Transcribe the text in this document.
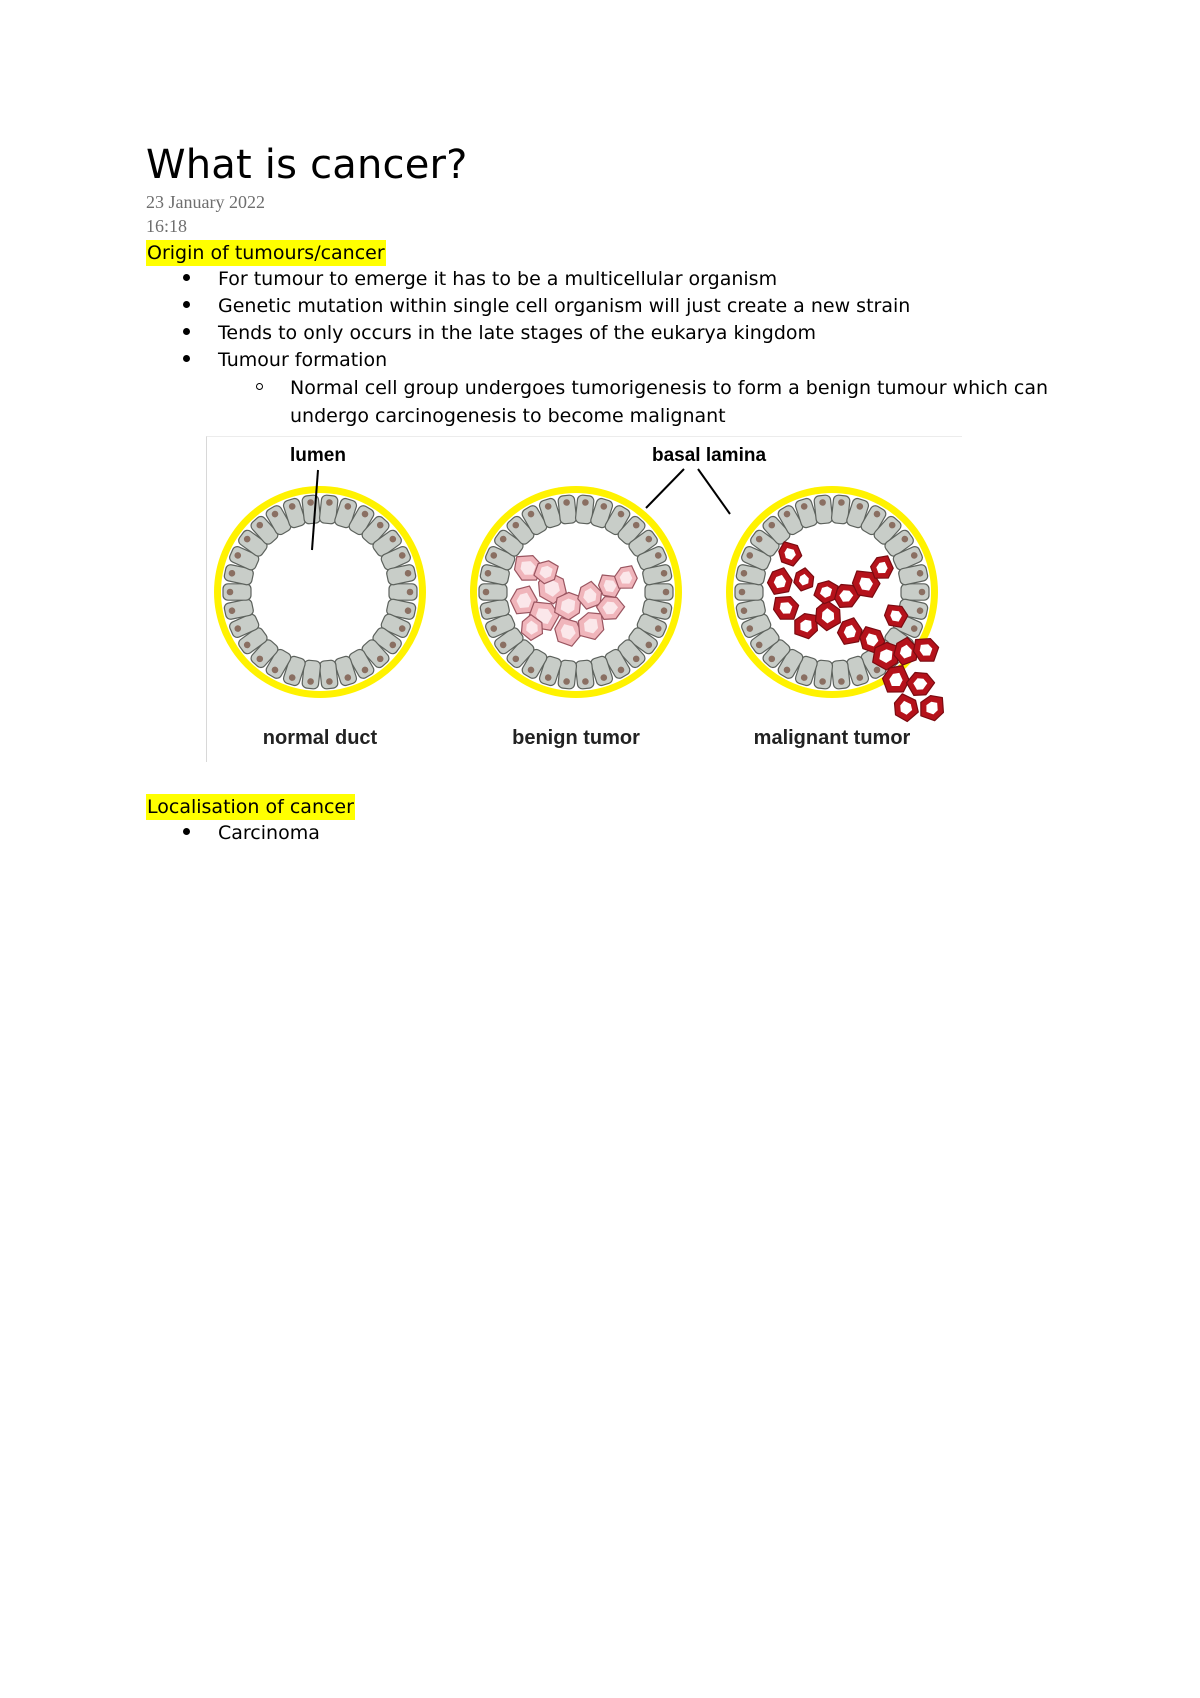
What is cancer?
23 January 2022
16:18
Origin of tumours/cancer
For tumour to emerge it has to be a multicellular organism
Genetic mutation within single cell organism will just create a new strain
Tends to only occurs in the late stages of the eukarya kingdom
Tumour formation
Normal cell group undergoes tumorigenesis to form a benign tumour which can undergo carcinogenesis to become malignant
lumen	basal lamina
normal duct	benign tumor	malignant tumor
Localisation of cancer
Carcinoma
